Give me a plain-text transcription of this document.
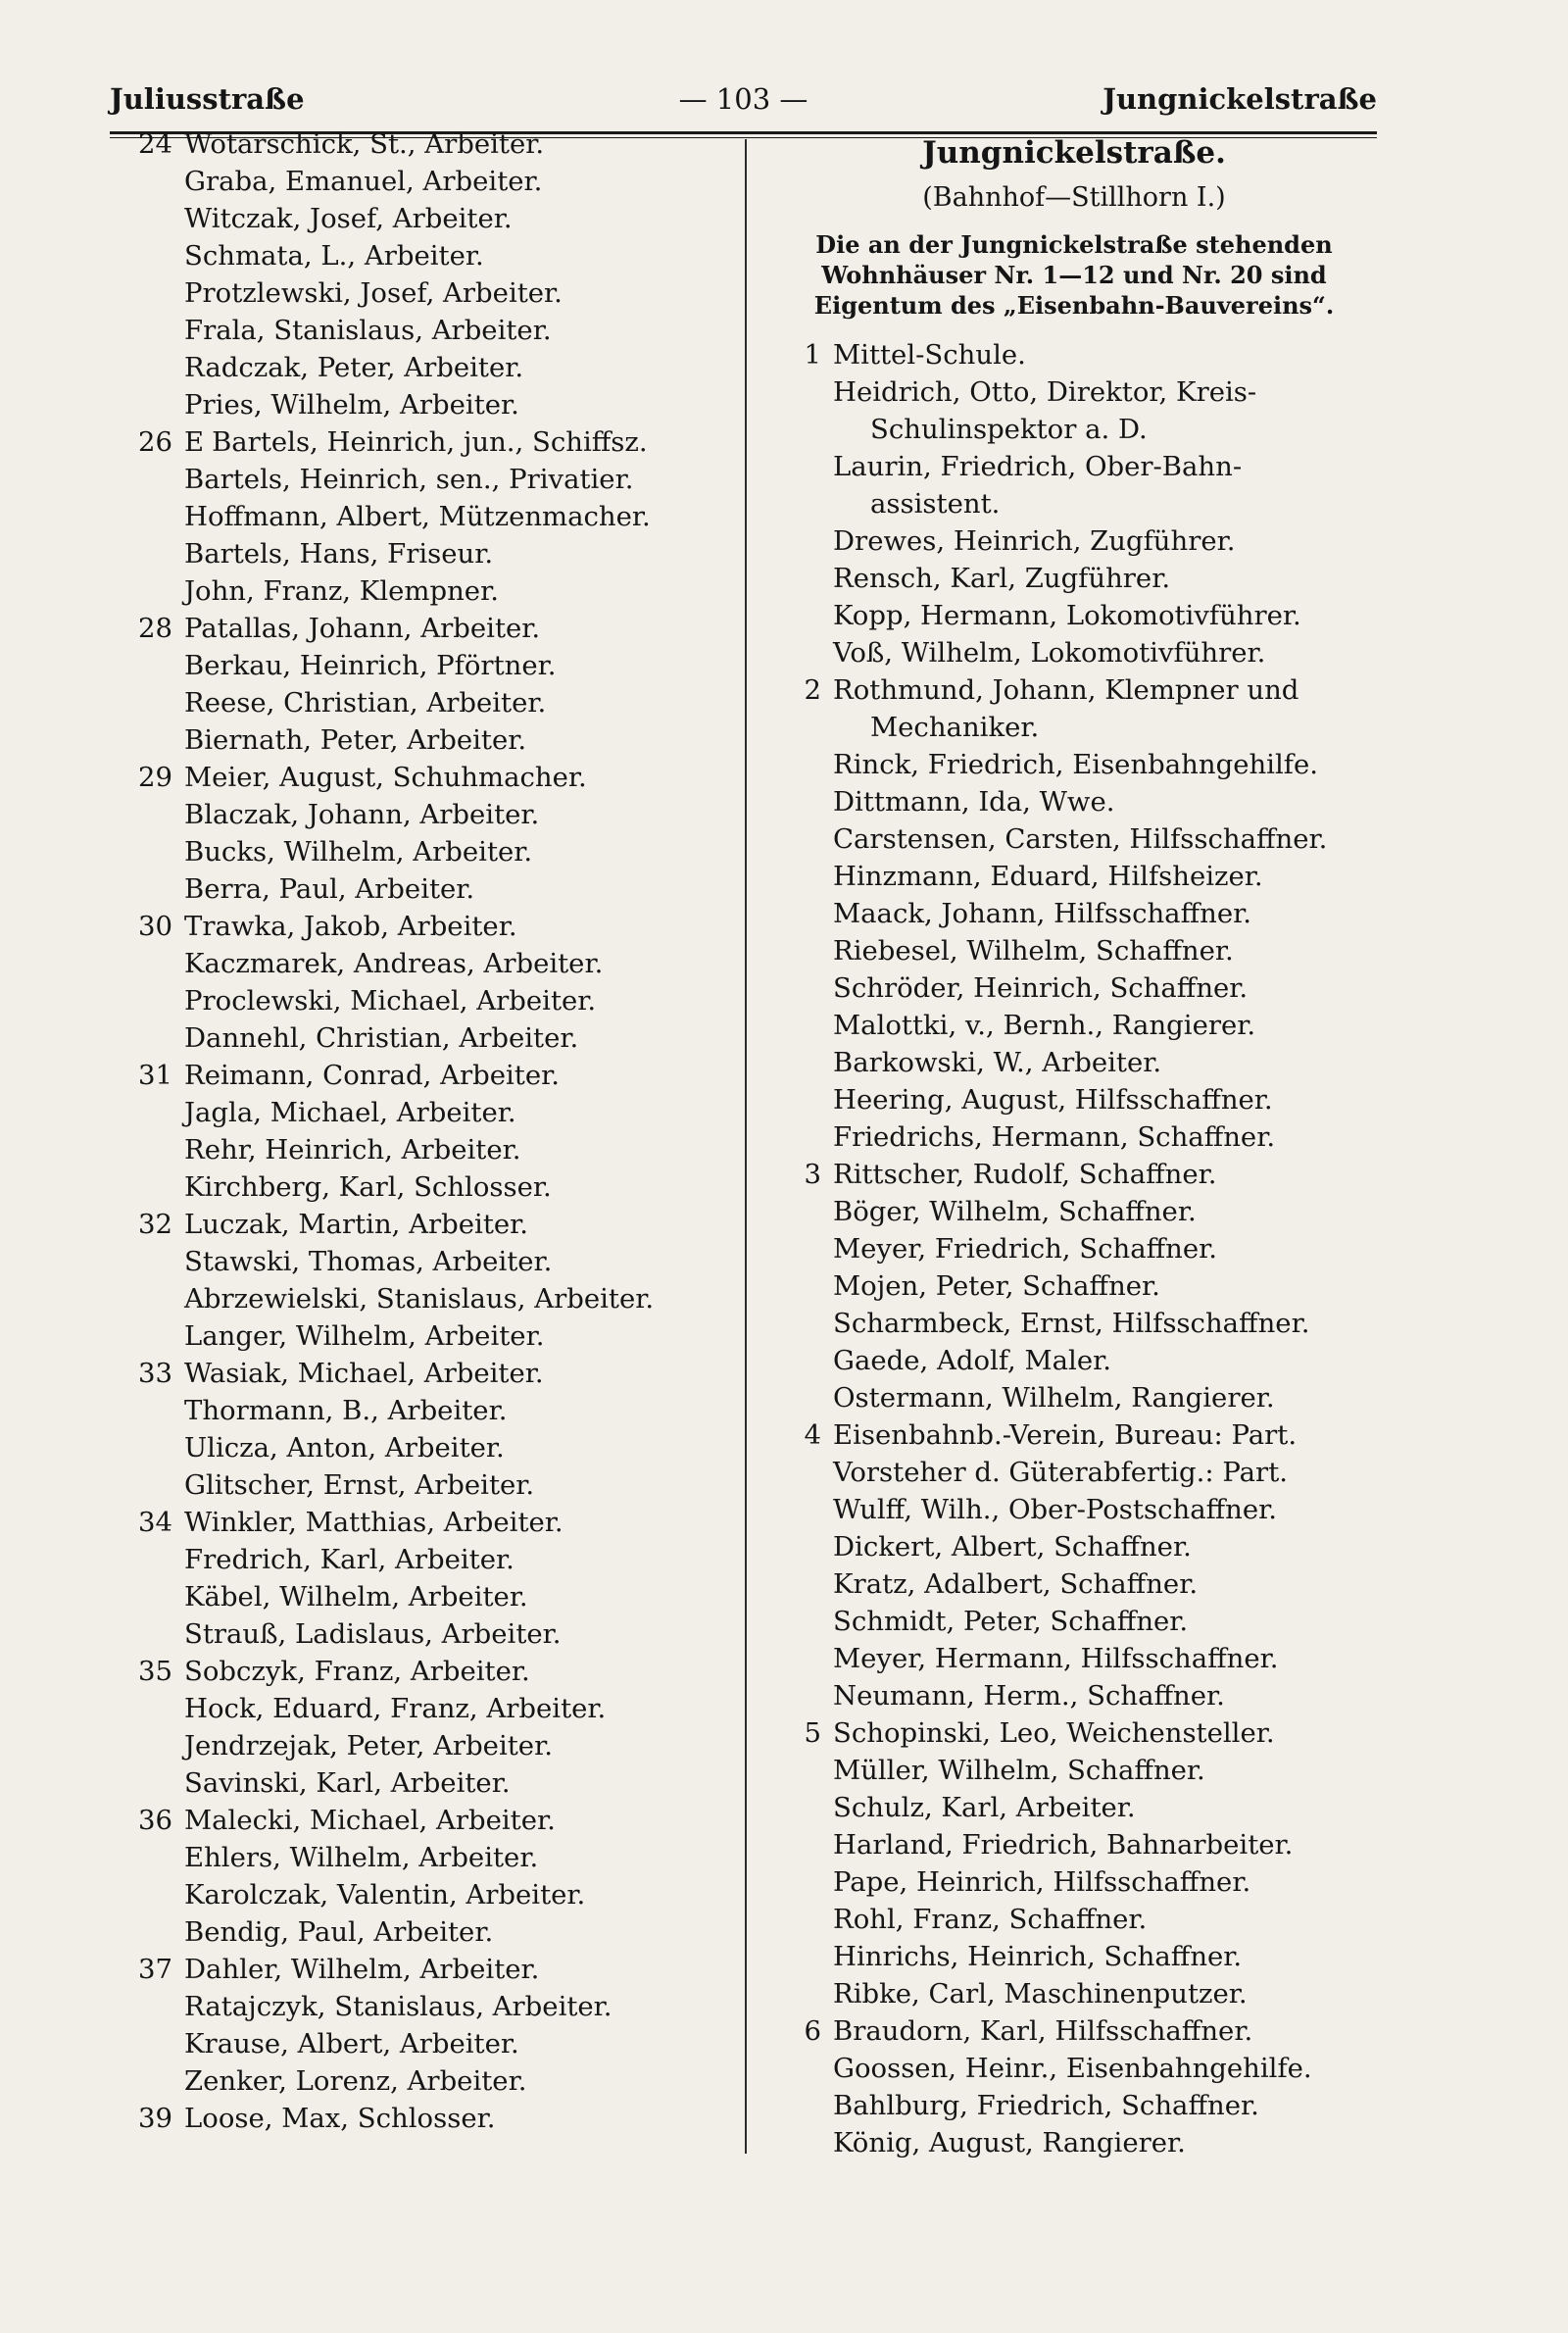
Juliusstraße	— 103 —	Jungnickelstraße
24 Wotarschick, St., Arbeiter.
Graba, Emanuel, Arbeiter.
Witczak, Josef, Arbeiter.
Schmata, L., Arbeiter.
Protzlewski, Josef, Arbeiter.
Frala, Stanislaus, Arbeiter.
Radczak, Peter, Arbeiter.
Pries, Wilhelm, Arbeiter.
26 E Bartels, Heinrich, jun., Schiffsz.
Bartels, Heinrich, sen., Privatier.
Hoffmann, Albert, Mützenmacher.
Bartels, Hans, Friseur.
John, Franz, Klempner.
28 Patallas, Johann, Arbeiter.
Berkau, Heinrich, Pförtner.
Reese, Christian, Arbeiter.
Biernath, Peter, Arbeiter.
29 Meier, August, Schuhmacher.
Blaczak, Johann, Arbeiter.
Bucks, Wilhelm, Arbeiter.
Berra, Paul, Arbeiter.
30 Trawka, Jakob, Arbeiter.
Kaczmarek, Andreas, Arbeiter.
Proclewski, Michael, Arbeiter.
Dannehl, Christian, Arbeiter.
31 Reimann, Conrad, Arbeiter.
Jagla, Michael, Arbeiter.
Rehr, Heinrich, Arbeiter.
Kirchberg, Karl, Schlosser.
32 Luczak, Martin, Arbeiter.
Stawski, Thomas, Arbeiter.
Abrzewielski, Stanislaus, Arbeiter.
Langer, Wilhelm, Arbeiter.
33 Wasiak, Michael, Arbeiter.
Thormann, B., Arbeiter.
Uliczа, Anton, Arbeiter.
Glitscher, Ernst, Arbeiter.
34 Winkler, Matthias, Arbeiter.
Fredrich, Karl, Arbeiter.
Käbel, Wilhelm, Arbeiter.
Strauß, Ladislaus, Arbeiter.
35 Sobczyk, Franz, Arbeiter.
Hock, Eduard, Franz, Arbeiter.
Jendrzejak, Peter, Arbeiter.
Savinski, Karl, Arbeiter.
36 Malecki, Michael, Arbeiter.
Ehlers, Wilhelm, Arbeiter.
Karolczak, Valentin, Arbeiter.
Bendig, Paul, Arbeiter.
37 Dahler, Wilhelm, Arbeiter.
Ratajczyk, Stanislaus, Arbeiter.
Krause, Albert, Arbeiter.
Zenker, Lorenz, Arbeiter.
39 Loose, Max, Schlosser.
Jungnickelstraße.
(Bahnhof—Stillhorn I.)
Die an der Jungnickelstraße stehenden Wohnhäuser Nr. 1—12 und Nr. 20 sind Eigentum des „Eisenbahn-Bauvereins“.
1 Mittel-Schule.
Heidrich, Otto, Direktor, Kreis-
Schulinspektor a. D.
Laurin, Friedrich, Ober-Bahn-
assistent.
Drewes, Heinrich, Zugführer.
Rensch, Karl, Zugführer.
Kopp, Hermann, Lokomotivführer.
Voß, Wilhelm, Lokomotivführer.
2 Rothmund, Johann, Klempner und
Mechaniker.
Rinck, Friedrich, Eisenbahngehilfe.
Dittmann, Ida, Wwe.
Carstensen, Carsten, Hilfsschaffner.
Hinzmann, Eduard, Hilfsheizer.
Maack, Johann, Hilfsschaffner.
Riebesel, Wilhelm, Schaffner.
Schröder, Heinrich, Schaffner.
Malottki, v., Bernh., Rangierer.
Barkowski, W., Arbeiter.
Heering, August, Hilfsschaffner.
Friedrichs, Hermann, Schaffner.
3 Rittscher, Rudolf, Schaffner.
Böger, Wilhelm, Schaffner.
Meyer, Friedrich, Schaffner.
Mojen, Peter, Schaffner.
Scharmbeck, Ernst, Hilfsschaffner.
Gaede, Adolf, Maler.
Ostermann, Wilhelm, Rangierer.
4 Eisenbahnb.-Verein, Bureau: Part.
Vorsteher d. Güterabfertig.: Part.
Wulff, Wilh., Ober-Postschaffner.
Dickert, Albert, Schaffner.
Kratz, Adalbert, Schaffner.
Schmidt, Peter, Schaffner.
Meyer, Hermann, Hilfsschaffner.
Neumann, Herm., Schaffner.
5 Schopinski, Leo, Weichensteller.
Müller, Wilhelm, Schaffner.
Schulz, Karl, Arbeiter.
Harland, Friedrich, Bahnarbeiter.
Pape, Heinrich, Hilfsschaffner.
Rohl, Franz, Schaffner.
Hinrichs, Heinrich, Schaffner.
Ribke, Carl, Maschinenputzer.
6 Braudorn, Karl, Hilfsschaffner.
Goossen, Heinr., Eisenbahngehilfe.
Bahlburg, Friedrich, Schaffner.
König, August, Rangierer.
